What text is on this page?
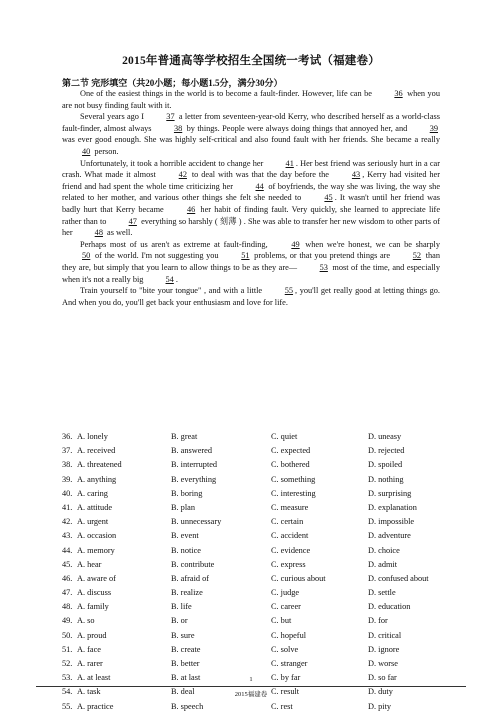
2015年普通高等学校招生全国统一考试（福建卷）
第二节 完形填空（共20小题；每小题1.5分，满分30分）

One of the easiest things in the world is to become a fault-finder. However, life can be 36 when you are not busy finding fault with it.

Several years ago I 37 a letter from seventeen-year-old Kerry, who described herself as a world-class fault-finder, almost always 38 by things. People were always doing things that annoyed her, and 39 was ever good enough. She was highly self-critical and also found fault with her friends. She became a really 40 person.

Unfortunately, it took a horrible accident to change her 41 . Her best friend was seriously hurt in a car crash. What made it almost 42 to deal with was that the day before the 43 , Kerry had visited her friend and had spent the whole time criticizing her 44 of boyfriends, the way she was living, the way she related to her mother, and various other things she felt she needed to 45 . It wasn't until her friend was badly hurt that Kerry became 46 her habit of finding fault. Very quickly, she learned to appreciate life rather than to 47 everything so harshly ( 刻薄 ) . She was able to transfer her new wisdom to other parts of her 48 as well.

Perhaps most of us aren't as extreme at fault-finding, 49 when we're honest, we can be sharply 50 of the world. I'm not suggesting you 51 problems, or that you pretend things are 52 than they are, but simply that you learn to allow things to be as they are— 53 most of the time, and especially when it's not a really big 54 .

Train yourself to "bite your tongue" , and with a little 55 , you'll get really good at letting things go. And when you do, you'll get back your enthusiasm and love for life.

36. A. lonely	B. great	C. quiet	D. uneasy
37. A. received	B. answered	C. expected	D. rejected
38. A. threatened	B. interrupted	C. bothered	D. spoiled
39. A. anything	B. everything	C. something	D. nothing
40. A. caring	B. boring	C. interesting	D. surprising
41. A. attitude	B. plan	C. measure	D. explanation
42. A. urgent	B. unnecessary	C. certain	D. impossible
43. A. occasion	B. event	C. accident	D. adventure
44. A. memory	B. notice	C. evidence	D. choice
45. A. hear	B. contribute	C. express	D. admit
46. A. aware of	B. afraid of	C. curious about	D. confused about
47. A. discuss	B. realize	C. judge	D. settle
48. A. family	B. life	C. career	D. education
49. A. so	B. or	C. but	D. for
50. A. proud	B. sure	C. hopeful	D. critical
51. A. face	B. create	C. solve	D. ignore
52. A. rarer	B. better	C. stranger	D. worse
53. A. at least	B. at last	C. by far	D. so far
54. A. task	B. deal	C. result	D. duty
55. A. practice	B. speech	C. rest	D. pity
1
2015福建卷
